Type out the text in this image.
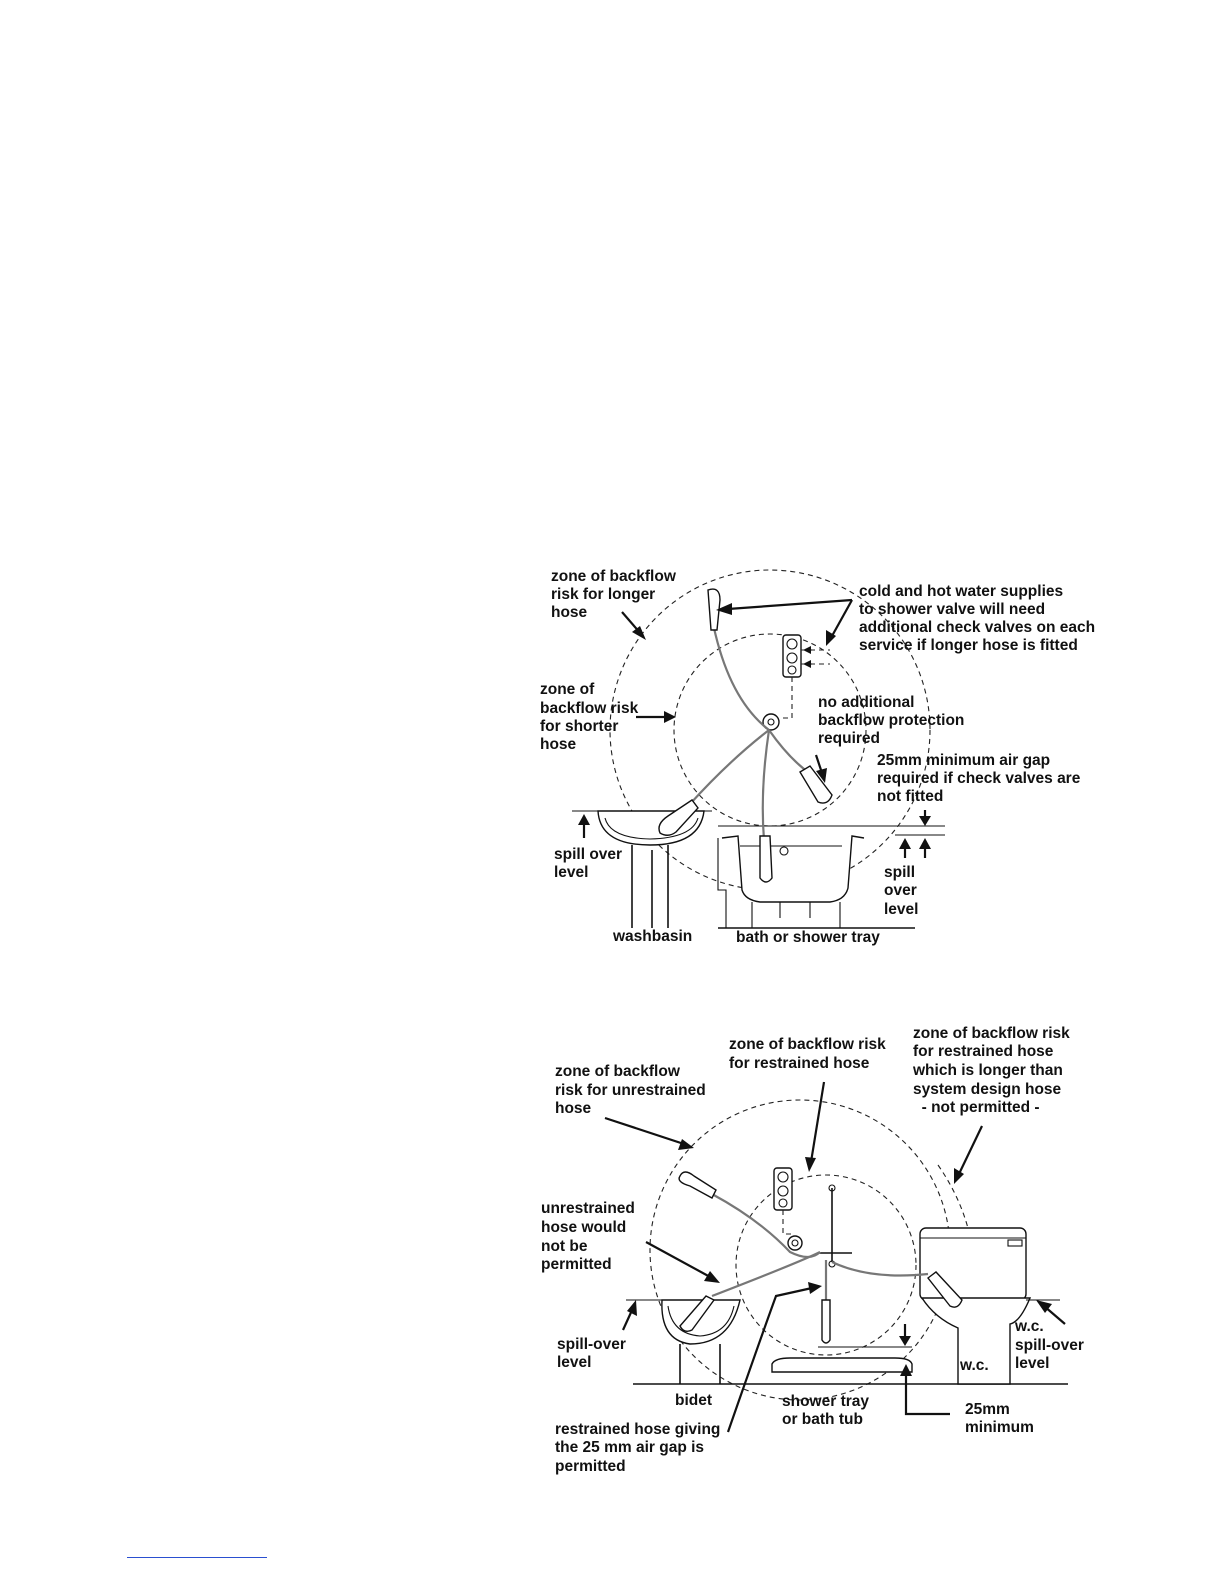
zone of backflow risk for longer hose
cold and hot water supplies to shower valve will need additional check valves on each service if longer hose is fitted
zone of backflow risk for shorter hose
no additional backflow protection required
25mm minimum air gap required if check valves are not fitted
spill over level	spill over level
washbasin	bath or shower tray
zone of backflow risk for restrained hose
zone of backflow risk for restrained hose which is longer than system design hose   - not permitted -
zone of backflow risk for unrestrained hose
unrestrained hose would not be permitted
spill-over level
w.c. spill-over level
w.c.
bidet	shower tray or bath tub
restrained hose giving the 25 mm air gap is permitted
25mm minimum
